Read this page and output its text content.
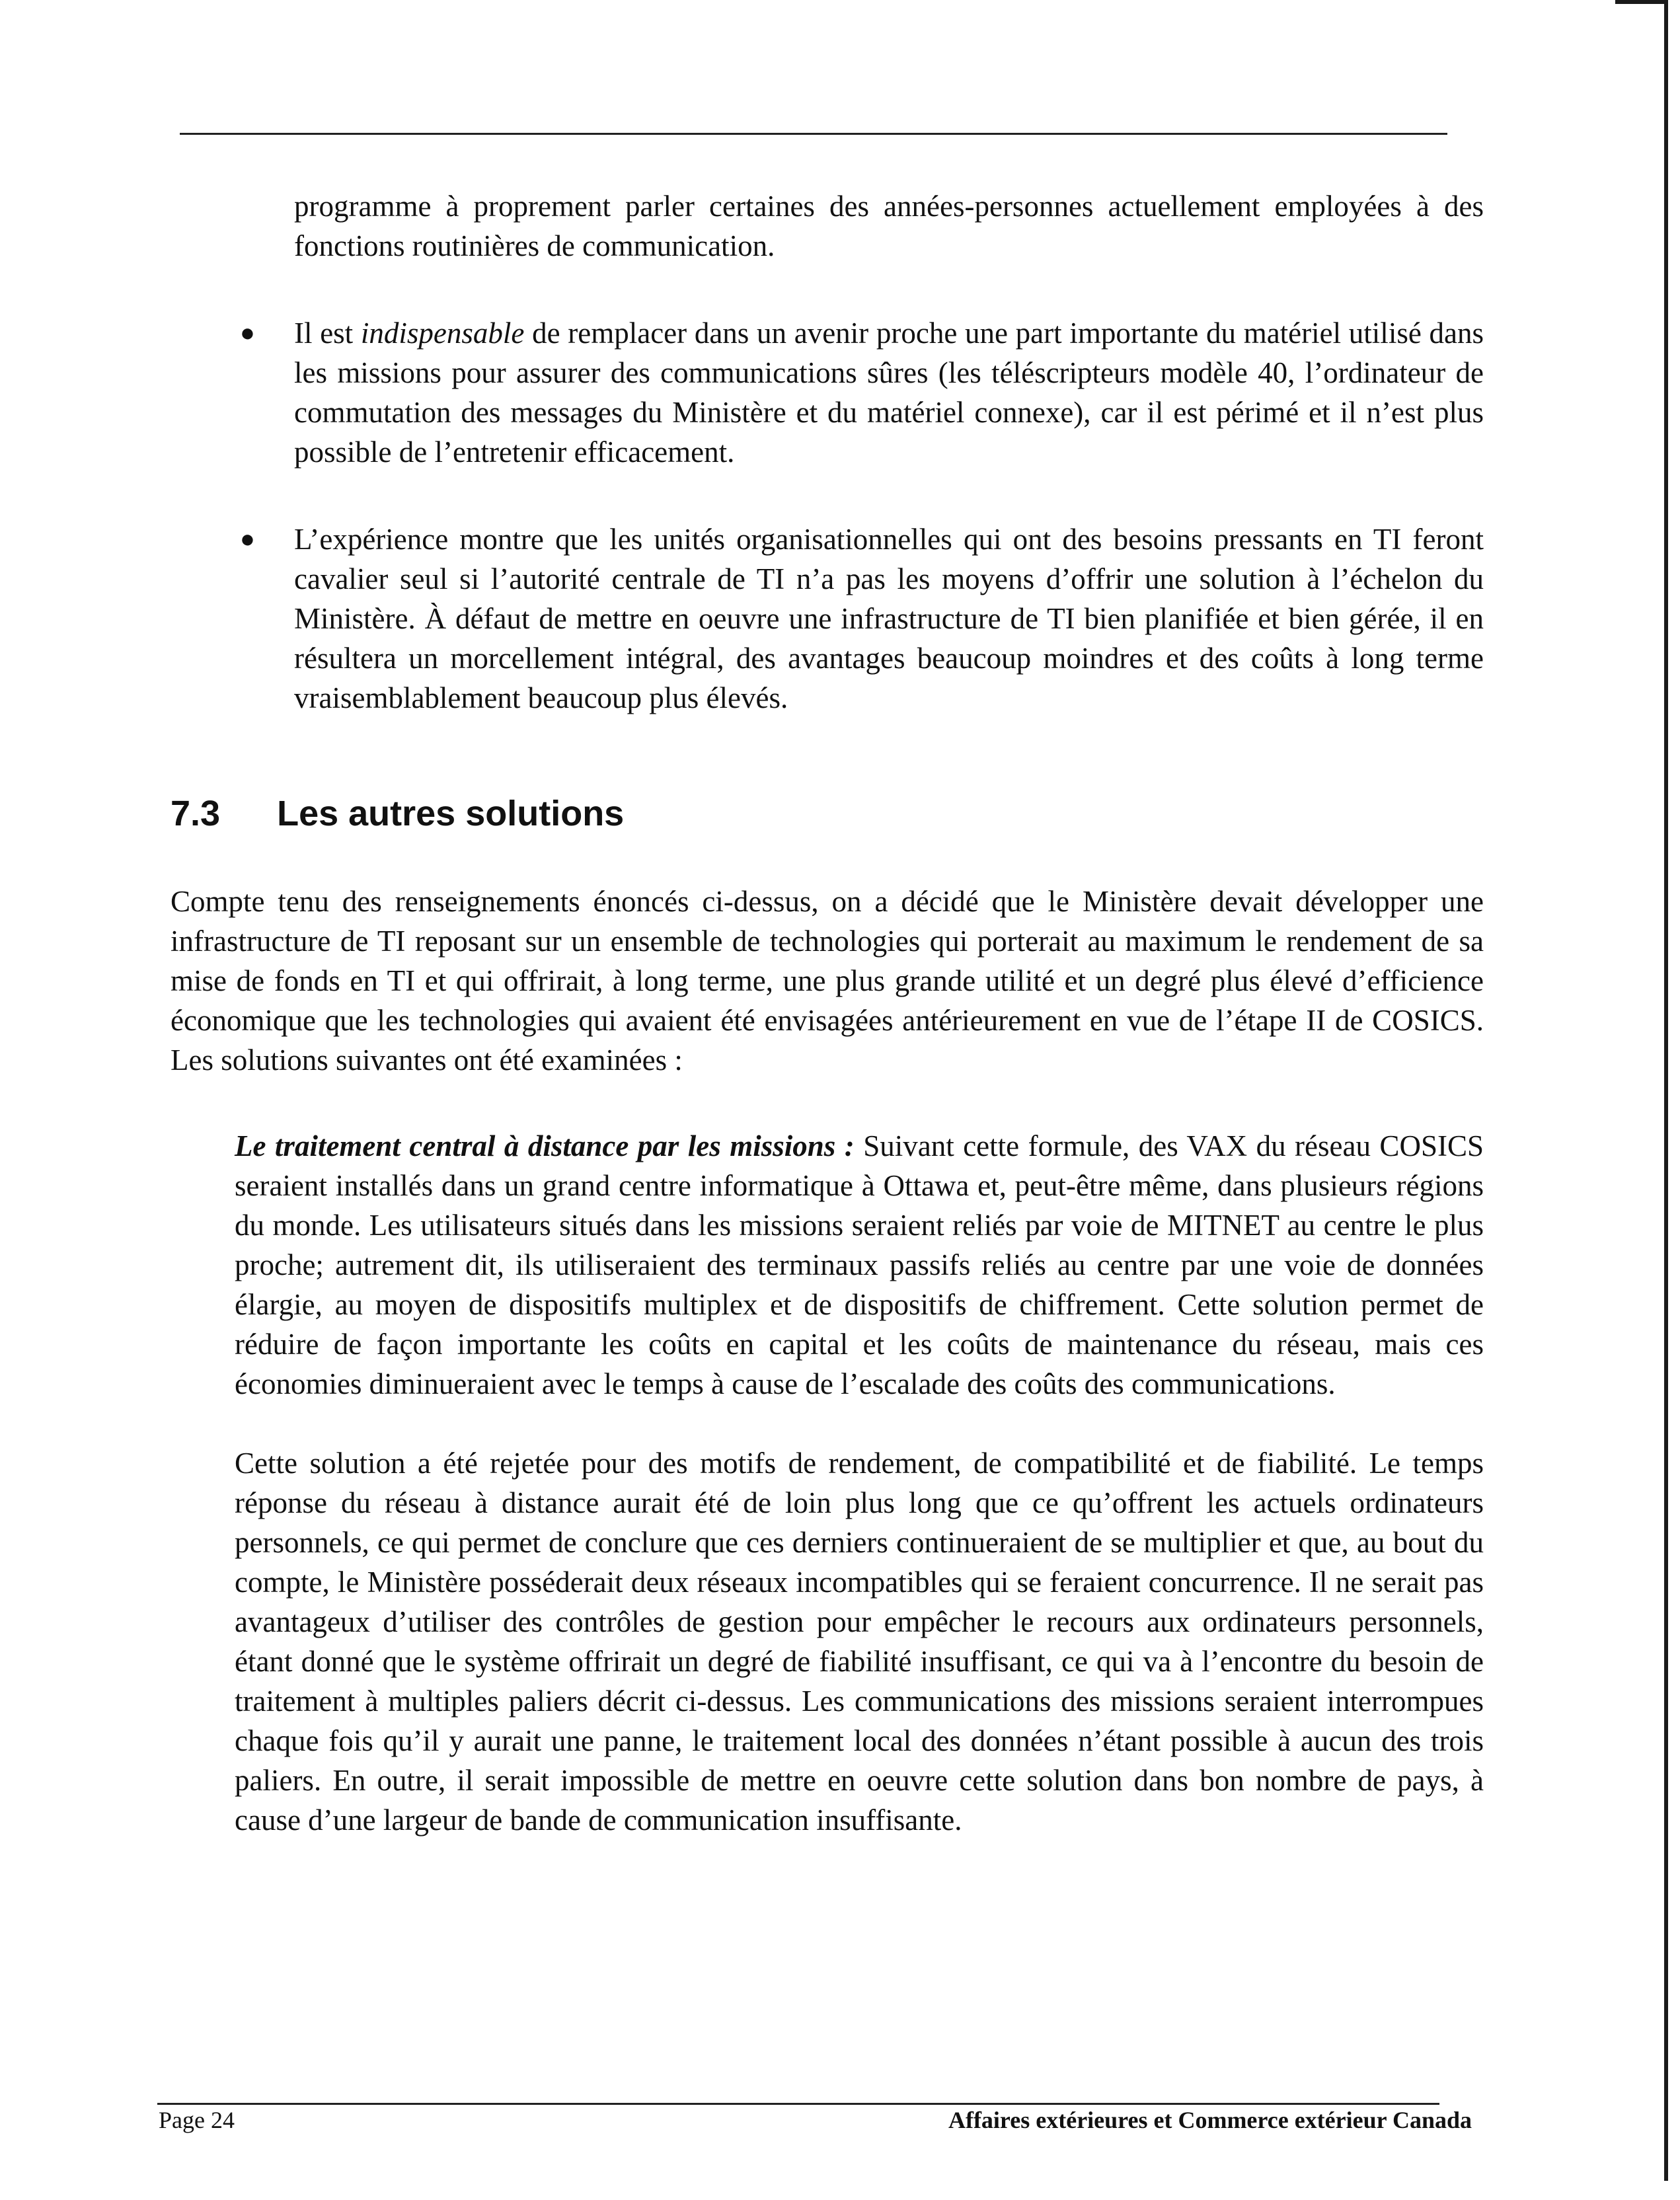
programme à proprement parler certaines des années-personnes actuellement employées à des fonctions routinières de communication.

● Il est indispensable de remplacer dans un avenir proche une part importante du matériel utilisé dans les missions pour assurer des communications sûres (les téléscripteurs modèle 40, l’ordinateur de commutation des messages du Ministère et du matériel connexe), car il est périmé et il n’est plus possible de l’entretenir efficacement.

● L’expérience montre que les unités organisationnelles qui ont des besoins pressants en TI feront cavalier seul si l’autorité centrale de TI n’a pas les moyens d’offrir une solution à l’échelon du Ministère. À défaut de mettre en oeuvre une infrastructure de TI bien planifiée et bien gérée, il en résultera un morcellement intégral, des avantages beaucoup moindres et des coûts à long terme vraisemblablement beaucoup plus élevés.

7.3 Les autres solutions

Compte tenu des renseignements énoncés ci-dessus, on a décidé que le Ministère devait développer une infrastructure de TI reposant sur un ensemble de technologies qui porterait au maximum le rendement de sa mise de fonds en TI et qui offrirait, à long terme, une plus grande utilité et un degré plus élevé d’efficience économique que les technologies qui avaient été envisagées antérieurement en vue de l’étape II de COSICS. Les solutions suivantes ont été examinées :

Le traitement central à distance par les missions : Suivant cette formule, des VAX du réseau COSICS seraient installés dans un grand centre informatique à Ottawa et, peut-être même, dans plusieurs régions du monde. Les utilisateurs situés dans les missions seraient reliés par voie de MITNET au centre le plus proche; autrement dit, ils utiliseraient des terminaux passifs reliés au centre par une voie de données élargie, au moyen de dispositifs multiplex et de dispositifs de chiffrement. Cette solution permet de réduire de façon importante les coûts en capital et les coûts de maintenance du réseau, mais ces économies diminueraient avec le temps à cause de l’escalade des coûts des communications.

Cette solution a été rejetée pour des motifs de rendement, de compatibilité et de fiabilité. Le temps réponse du réseau à distance aurait été de loin plus long que ce qu’offrent les actuels ordinateurs personnels, ce qui permet de conclure que ces derniers continueraient de se multiplier et que, au bout du compte, le Ministère posséderait deux réseaux incompatibles qui se feraient concurrence. Il ne serait pas avantageux d’utiliser des contrôles de gestion pour empêcher le recours aux ordinateurs personnels, étant donné que le système offrirait un degré de fiabilité insuffisant, ce qui va à l’encontre du besoin de traitement à multiples paliers décrit ci-dessus. Les communications des missions seraient interrompues chaque fois qu’il y aurait une panne, le traitement local des données n’étant possible à aucun des trois paliers. En outre, il serait impossible de mettre en oeuvre cette solution dans bon nombre de pays, à cause d’une largeur de bande de communication insuffisante.

Page 24	Affaires extérieures et Commerce extérieur Canada
